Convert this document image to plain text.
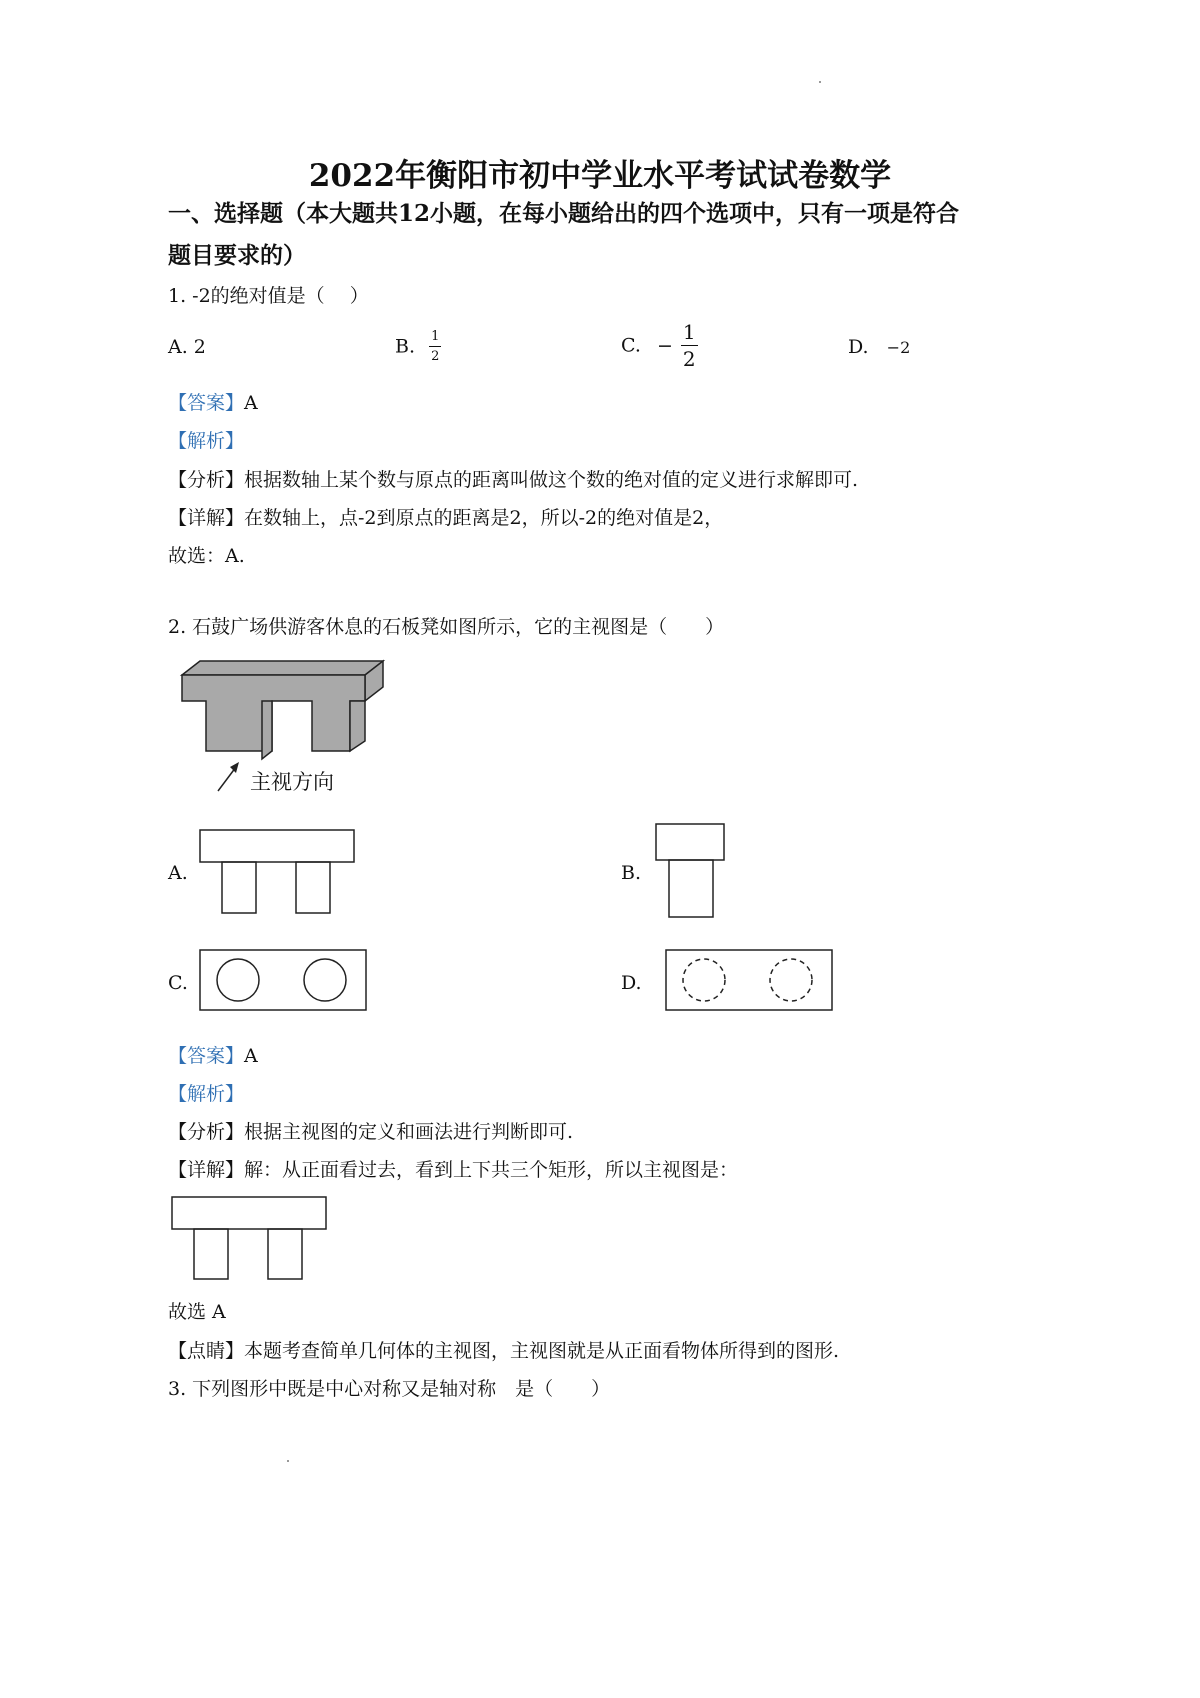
2022年衡阳市初中学业水平考试试卷数学
一、选择题（本大题共12小题，在每小题给出的四个选项中，只有一项是符合
题目要求的）
1. -2的绝对值是（　 ）
A. 2	B. $\frac{1}{2}$	C. − $\frac{1}{2}$	D. −2
【答案】A
【解析】
【分析】根据数轴上某个数与原点的距离叫做这个数的绝对值的定义进行求解即可.
【详解】在数轴上，点-2到原点的距离是2，所以-2的绝对值是2，
故选：A.
2. 石鼓广场供游客休息的石板凳如图所示，它的主视图是（　　）
主视方向
A.	B.
C.	D.
【答案】A
【解析】
【分析】根据主视图的定义和画法进行判断即可.
【详解】解：从正面看过去，看到上下共三个矩形，所以主视图是：
故选 A
【点睛】本题考查简单几何体的主视图，主视图就是从正面看物体所得到的图形.
3. 下列图形中既是中心对称又是轴对称　是（　　）
